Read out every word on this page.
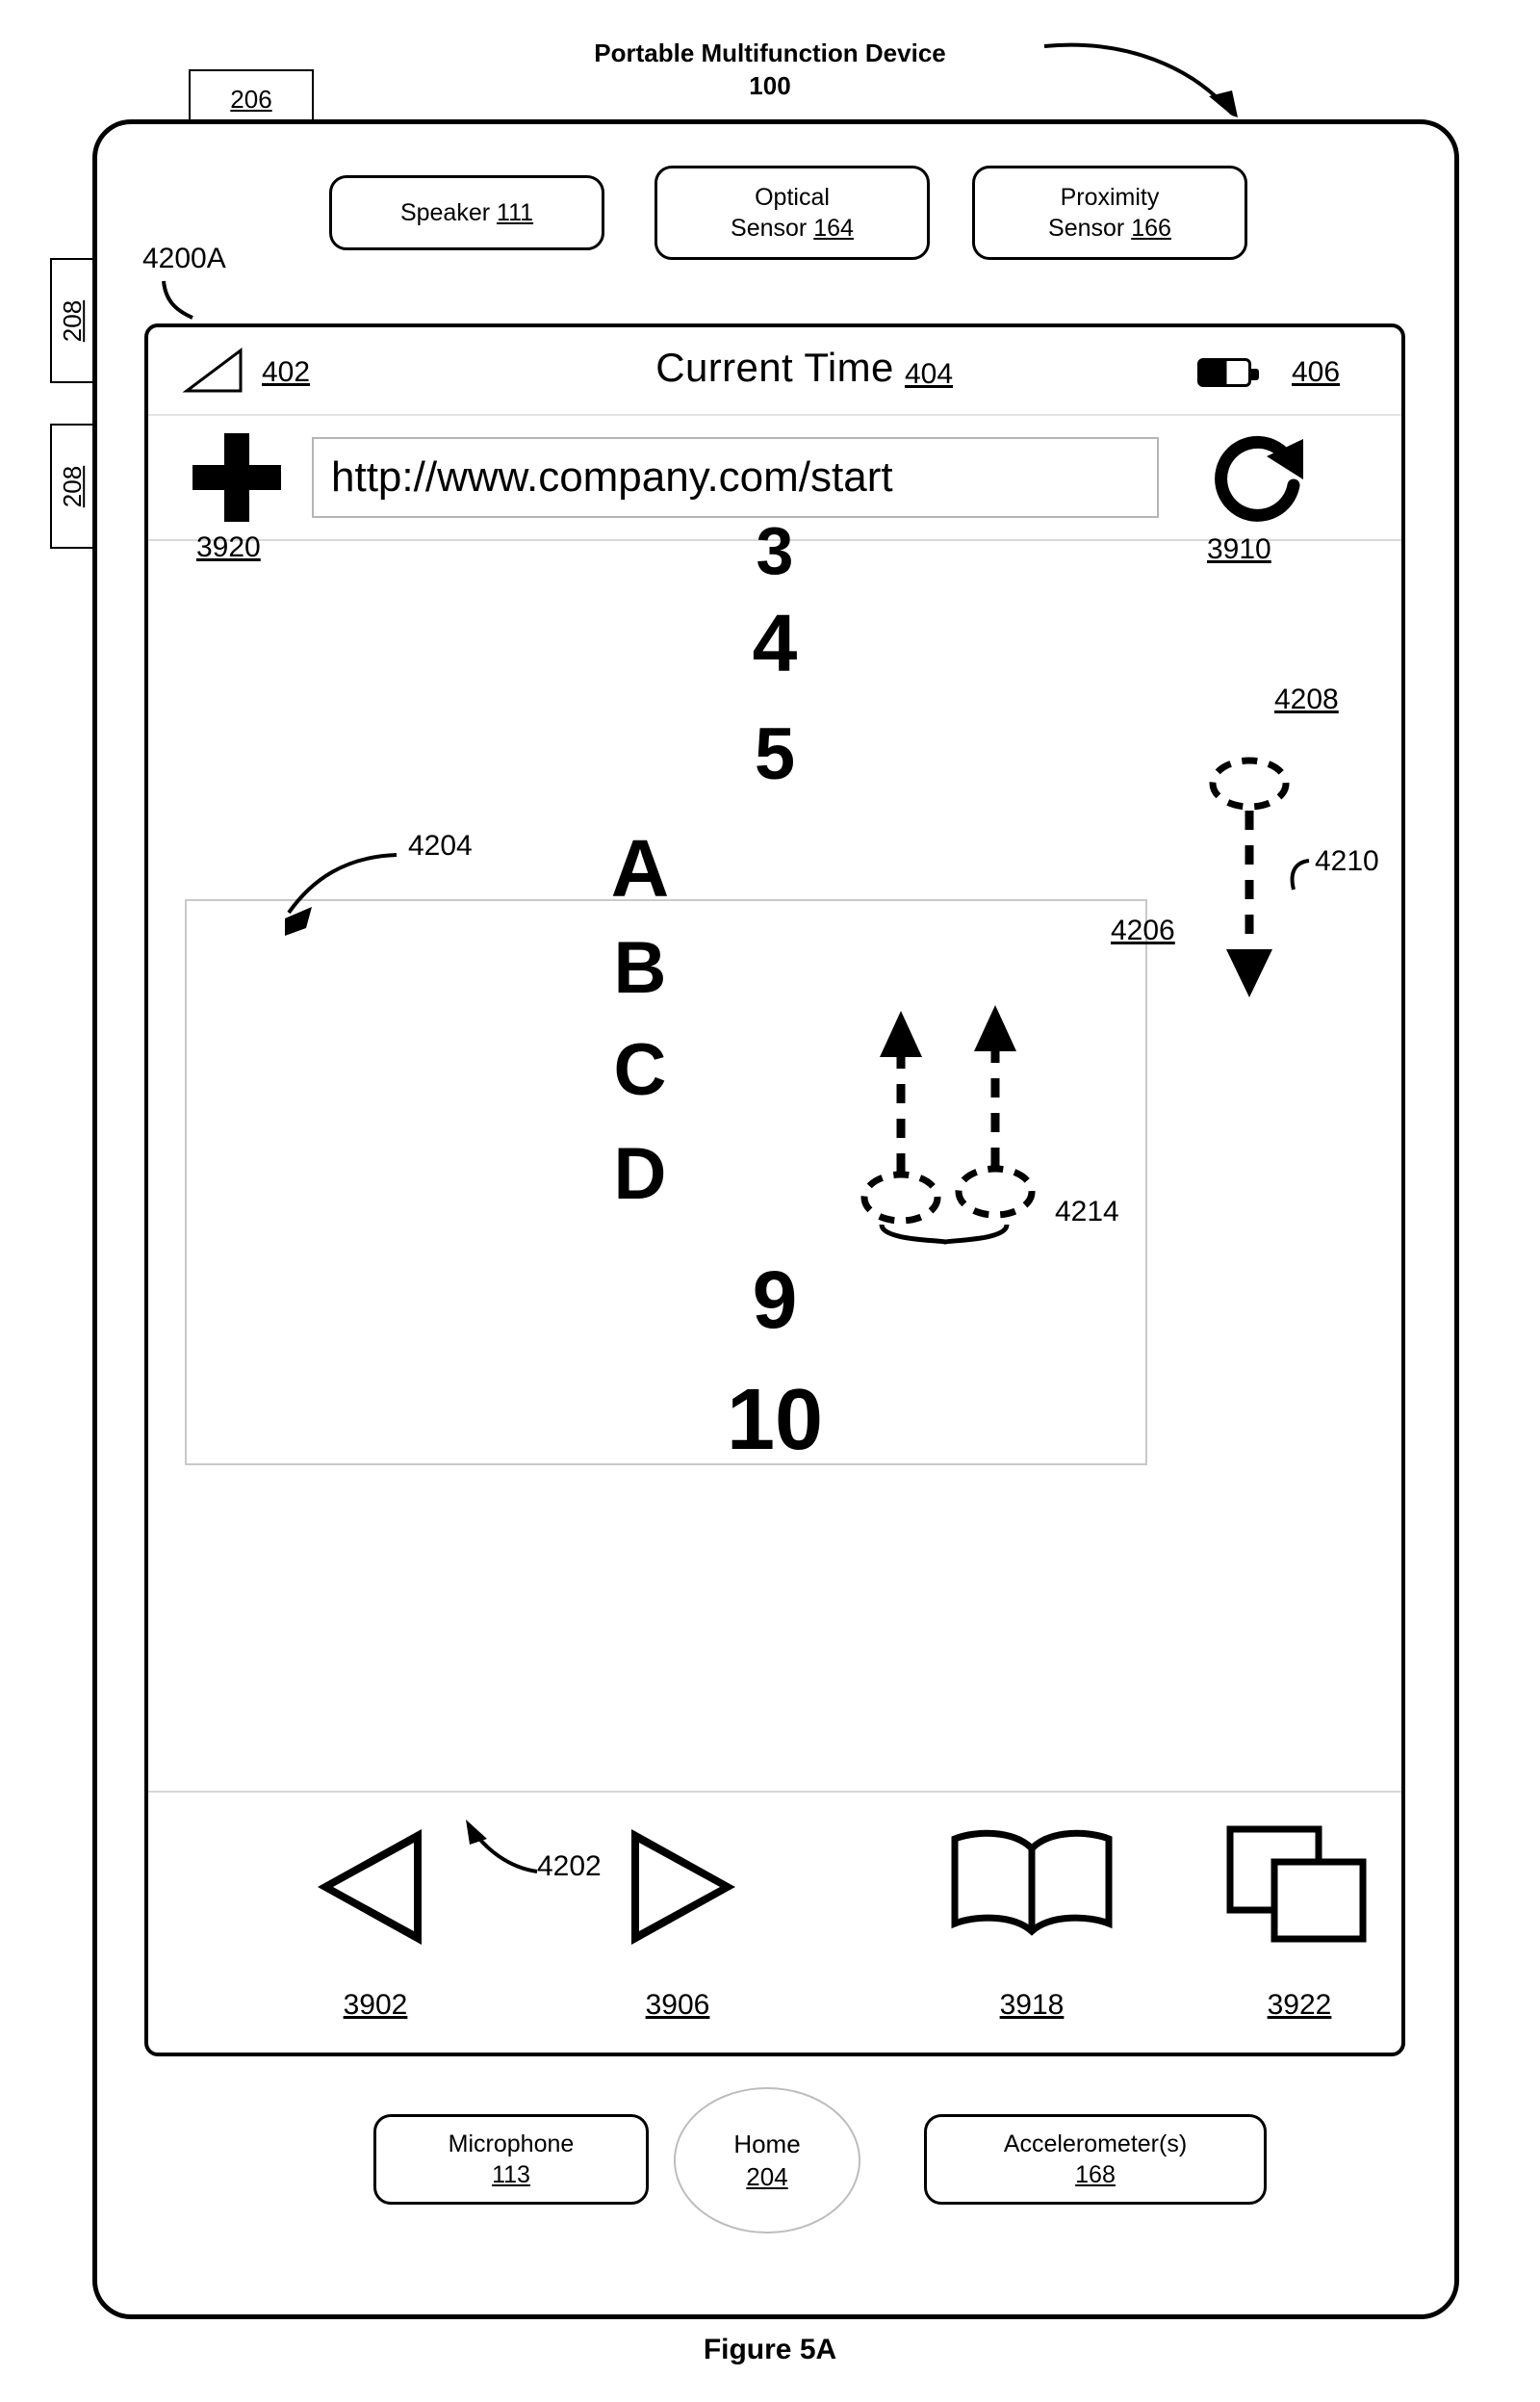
Portable Multifunction Device
100
206
208
208
Speaker 111
Optical
Sensor 164
Proximity
Sensor 166
4200A
402	Current Time 404	406
http://www.company.com/start
3920	3910
3
4
5
A
B
C
D
9
10
4204
4206
4214
4208
4210
3902	3906	3918	3922
4202
Microphone
113
Home
204
Accelerometer(s)
168
Figure 5A
